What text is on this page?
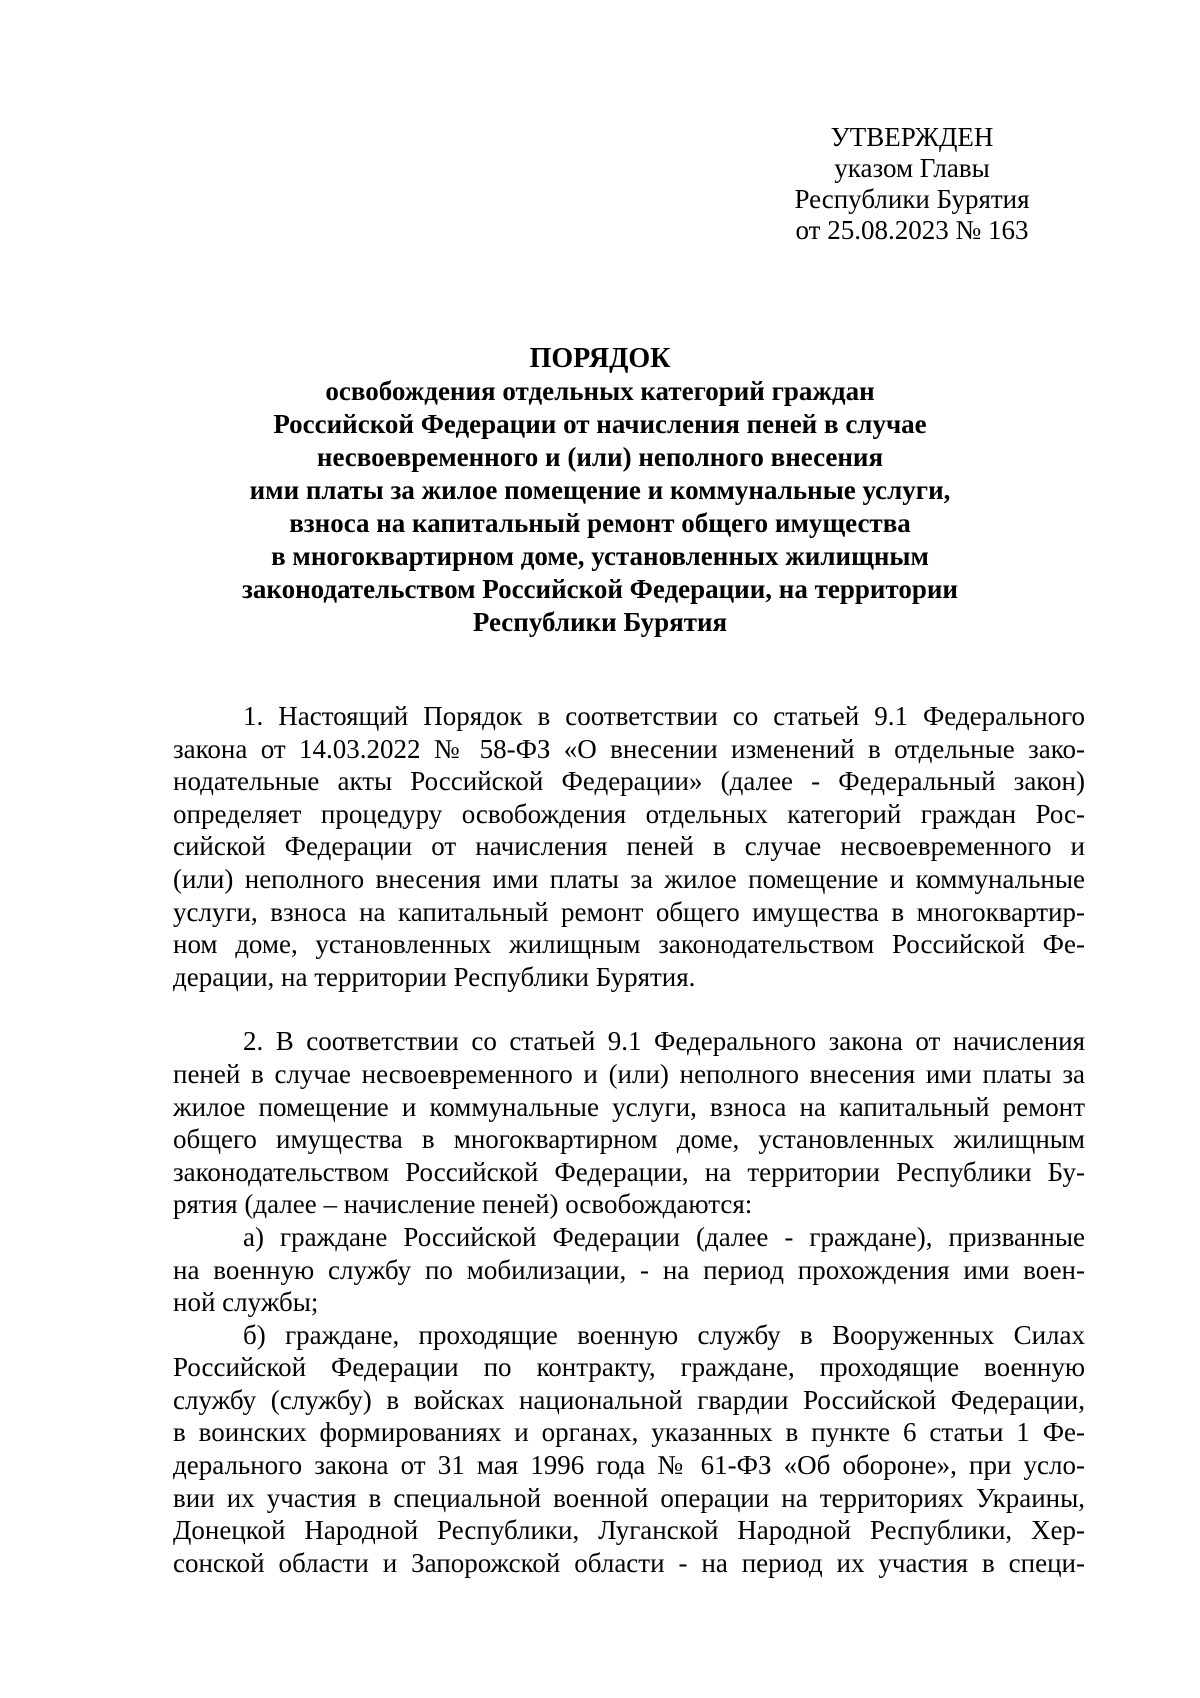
УТВЕРЖДЕН
указом Главы
Республики Бурятия
от 25.08.2023 № 163
ПОРЯДОК
освобождения отдельных категорий граждан
Российской Федерации от начисления пеней в случае
несвоевременного и (или) неполного внесения
ими платы за жилое помещение и коммунальные услуги,
взноса на капитальный ремонт общего имущества
в многоквартирном доме, установленных жилищным
законодательством Российской Федерации, на территории
Республики Бурятия
1. Настоящий Порядок в соответствии со статьей 9.1 Федерального
закона от 14.03.2022 № 58-ФЗ «О внесении изменений в отдельные зако-
нодательные акты Российской Федерации» (далее - Федеральный закон)
определяет процедуру освобождения отдельных категорий граждан Рос-
сийской Федерации от начисления пеней в случае несвоевременного и
(или) неполного внесения ими платы за жилое помещение и коммунальные
услуги, взноса на капитальный ремонт общего имущества в многоквартир-
ном доме, установленных жилищным законодательством Российской Фе-
дерации, на территории Республики Бурятия.
2. В соответствии со статьей 9.1 Федерального закона от начисления
пеней в случае несвоевременного и (или) неполного внесения ими платы за
жилое помещение и коммунальные услуги, взноса на капитальный ремонт
общего имущества в многоквартирном доме, установленных жилищным
законодательством Российской Федерации, на территории Республики Бу-
рятия (далее – начисление пеней) освобождаются:
а) граждане Российской Федерации (далее - граждане), призванные
на военную службу по мобилизации, - на период прохождения ими воен-
ной службы;
б) граждане, проходящие военную службу в Вооруженных Силах
Российской Федерации по контракту, граждане, проходящие военную
службу (службу) в войсках национальной гвардии Российской Федерации,
в воинских формированиях и органах, указанных в пункте 6 статьи 1 Фе-
дерального закона от 31 мая 1996 года № 61-ФЗ «Об обороне», при усло-
вии их участия в специальной военной операции на территориях Украины,
Донецкой Народной Республики, Луганской Народной Республики, Хер-
сонской области и Запорожской области - на период их участия в специ-
